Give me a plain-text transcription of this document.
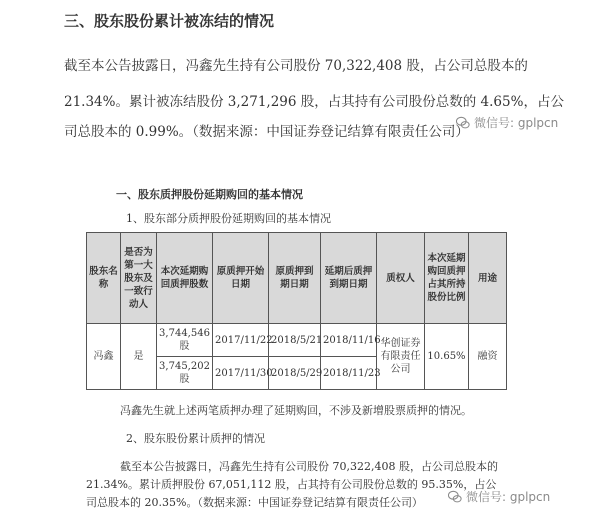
三、股东股份累计被冻结的情况
截至本公告披露日，冯鑫先生持有公司股份 70,322,408 股，占公司总股本的
21.34%。累计被冻结股份 3,271,296 股，占其持有公司股份总数的 4.65%，占公
司总股本的 0.99%。（数据来源：中国证券登记结算有限责任公司）
微信号: gplpcn
一、股东质押股份延期购回的基本情况
1、股东部分质押股份延期购回的基本情况
股东名称	是否为第一大股东及一致行动人	本次延期购回质押股数	原质押开始日期	原质押到期日期	延期后质押到期日期	质权人	本次延期购回质押占其所持股份比例	用途
冯鑫	是	3,744,546股	2017/11/22	2018/5/21	2018/11/16	华创证券有限责任公司	10.65%	融资
		3,745,202股	2017/11/30	2018/5/29	2018/11/23			
冯鑫先生就上述两笔质押办理了延期购回，不涉及新增股票质押的情况。
2、股东股份累计质押的情况
截至本公告披露日，冯鑫先生持有公司股份 70,322,408 股，占公司总股本的
21.34%。累计质押股份 67,051,112 股，占其持有公司股份总数的 95.35%，占公
司总股本的 20.35%。（数据来源：中国证券登记结算有限责任公司）	微信号: gplpcn
